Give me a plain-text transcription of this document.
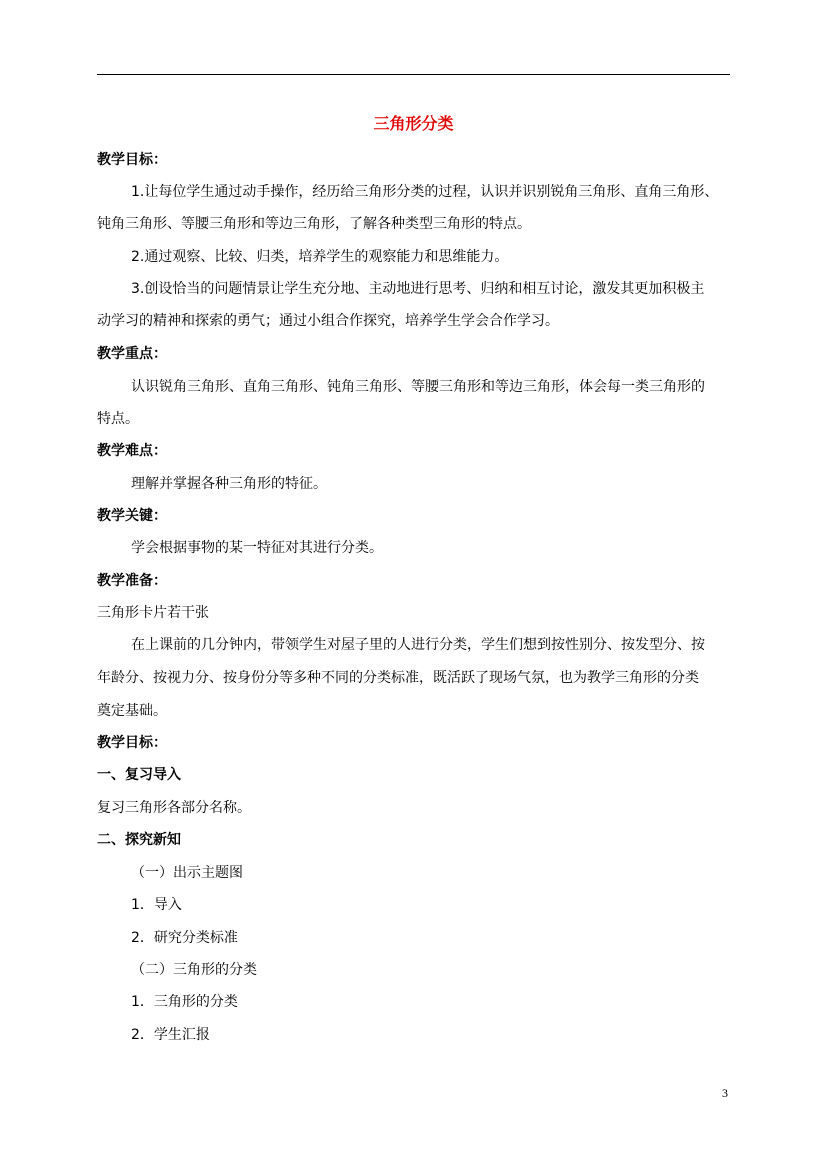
三角形分类
教学目标：
1.让每位学生通过动手操作，经历给三角形分类的过程，认识并识别锐角三角形、直角三角形、
钝角三角形、等腰三角形和等边三角形，了解各种类型三角形的特点。
2.通过观察、比较、归类，培养学生的观察能力和思维能力。
3.创设恰当的问题情景让学生充分地、主动地进行思考、归纳和相互讨论，激发其更加积极主
动学习的精神和探索的勇气；通过小组合作探究，培养学生学会合作学习。
教学重点：
认识锐角三角形、直角三角形、钝角三角形、等腰三角形和等边三角形，体会每一类三角形的
特点。
教学难点：
理解并掌握各种三角形的特征。
教学关键：
学会根据事物的某一特征对其进行分类。
教学准备：
三角形卡片若干张
在上课前的几分钟内，带领学生对屋子里的人进行分类，学生们想到按性别分、按发型分、按
年龄分、按视力分、按身份分等多种不同的分类标准，既活跃了现场气氛，也为教学三角形的分类
奠定基础。
教学目标：
一、复习导入
复习三角形各部分名称。
二、探究新知
（一）出示主题图
1．导入
2．研究分类标准
（二）三角形的分类
1．三角形的分类
2．学生汇报
3
